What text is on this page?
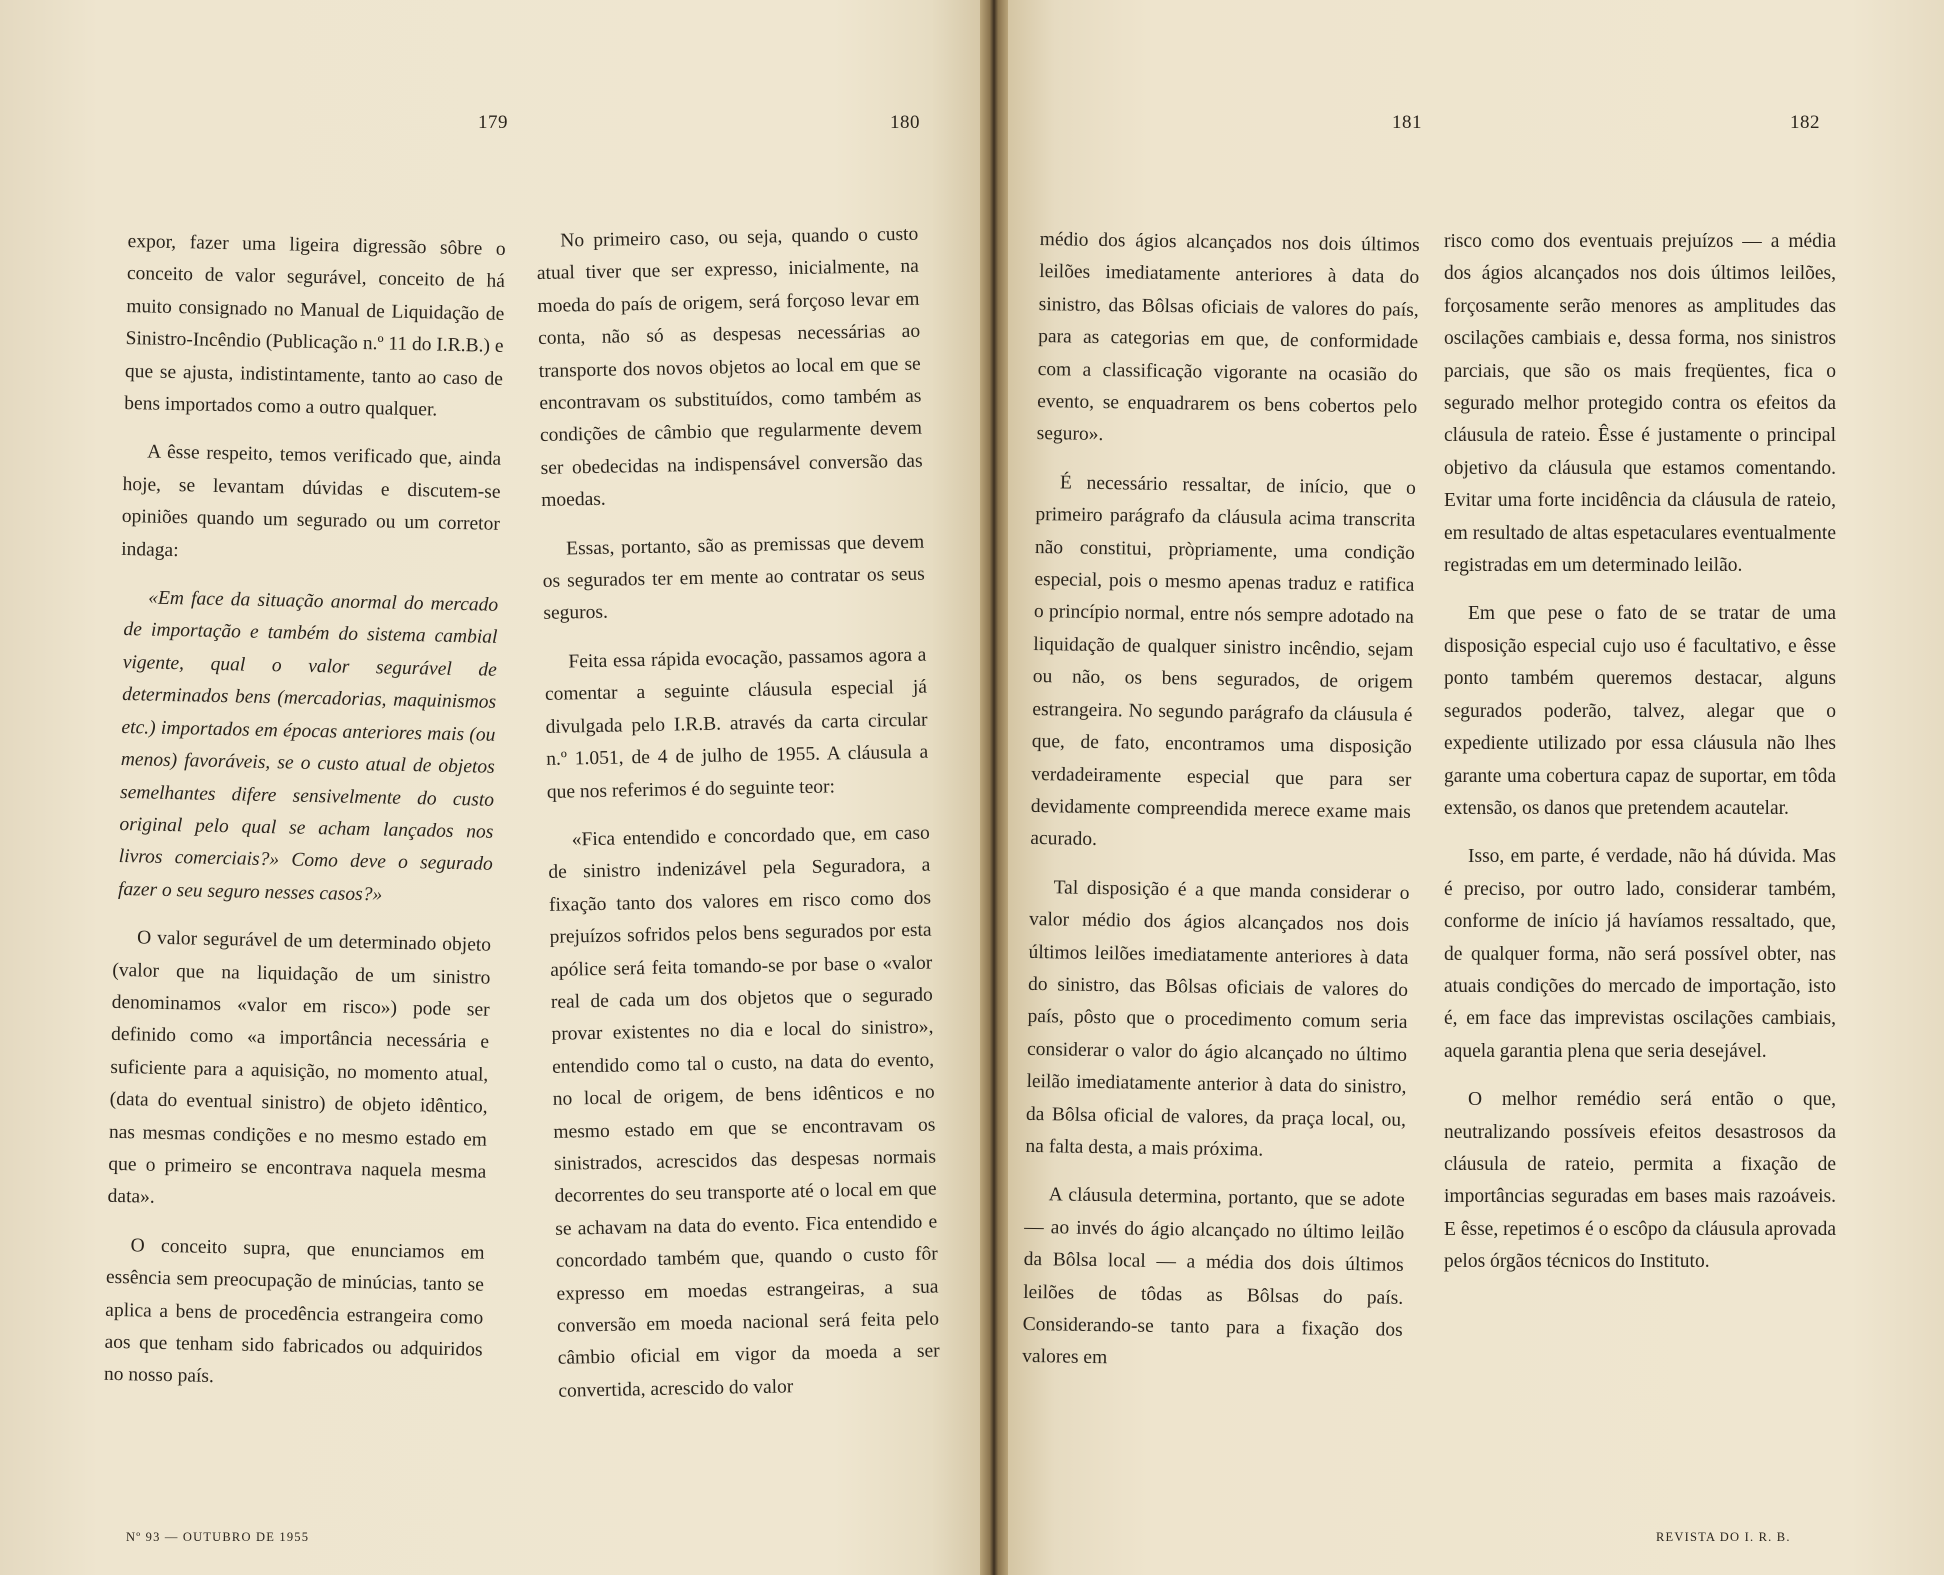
179	180

expor, fazer uma ligeira digressão sôbre o conceito de valor segurável, conceito de há muito consignado no Manual de Liquidação de Sinistro-Incêndio (Publicação n.º 11 do I.R.B.) e que se ajusta, indistintamente, tanto ao caso de bens importados como a outro qualquer.

A êsse respeito, temos verificado que, ainda hoje, se levantam dúvidas e discutem-se opiniões quando um segurado ou um corretor indaga:

«Em face da situação anormal do mercado de importação e também do sistema cambial vigente, qual o valor segurável de determinados bens (mercadorias, maquinismos etc.) importados em épocas anteriores mais (ou menos) favoráveis, se o custo atual de objetos semelhantes difere sensivelmente do custo original pelo qual se acham lançados nos livros comerciais?» Como deve o segurado fazer o seu seguro nesses casos?»

O valor segurável de um determinado objeto (valor que na liquidação de um sinistro denominamos «valor em risco») pode ser definido como «a importância necessária e suficiente para a aquisição, no momento atual, (data do eventual sinistro) de objeto idêntico, nas mesmas condições e no mesmo estado em que o primeiro se encontrava naquela mesma data».

O conceito supra, que enunciamos em essência sem preocupação de minúcias, tanto se aplica a bens de procedência estrangeira como aos que tenham sido fabricados ou adquiridos no nosso país.

No primeiro caso, ou seja, quando o custo atual tiver que ser expresso, inicialmente, na moeda do país de origem, será forçoso levar em conta, não só as despesas necessárias ao transporte dos novos objetos ao local em que se encontravam os substituídos, como também as condições de câmbio que regularmente devem ser obedecidas na indispensável conversão das moedas.

Essas, portanto, são as premissas que devem os segurados ter em mente ao contratar os seus seguros.

Feita essa rápida evocação, passamos agora a comentar a seguinte cláusula especial já divulgada pelo I.R.B. através da carta circular n.º 1.051, de 4 de julho de 1955. A cláusula a que nos referimos é do seguinte teor:

«Fica entendido e concordado que, em caso de sinistro indenizável pela Seguradora, a fixação tanto dos valores em risco como dos prejuízos sofridos pelos bens segurados por esta apólice será feita tomando-se por base o «valor real de cada um dos objetos que o segurado provar existentes no dia e local do sinistro», entendido como tal o custo, na data do evento, no local de origem, de bens idênticos e no mesmo estado em que se encontravam os sinistrados, acrescidos das despesas normais decorrentes do seu transporte até o local em que se achavam na data do evento. Fica entendido e concordado também que, quando o custo fôr expresso em moedas estrangeiras, a sua conversão em moeda nacional será feita pelo câmbio oficial em vigor da moeda a ser convertida, acrescido do valor

Nº 93 — OUTUBRO DE 1955
181	182

médio dos ágios alcançados nos dois últimos leilões imediatamente anteriores à data do sinistro, das Bôlsas oficiais de valores do país, para as categorias em que, de conformidade com a classificação vigorante na ocasião do evento, se enquadrarem os bens cobertos pelo seguro».

É necessário ressaltar, de início, que o primeiro parágrafo da cláusula acima transcrita não constitui, pròpriamente, uma condição especial, pois o mesmo apenas traduz e ratifica o princípio normal, entre nós sempre adotado na liquidação de qualquer sinistro incêndio, sejam ou não, os bens segurados, de origem estrangeira. No segundo parágrafo da cláusula é que, de fato, encontramos uma disposição verdadeiramente especial que para ser devidamente compreendida merece exame mais acurado.

Tal disposição é a que manda considerar o valor médio dos ágios alcançados nos dois últimos leilões imediatamente anteriores à data do sinistro, das Bôlsas oficiais de valores do país, pôsto que o procedimento comum seria considerar o valor do ágio alcançado no último leilão imediatamente anterior à data do sinistro, da Bôlsa oficial de valores, da praça local, ou, na falta desta, a mais próxima.

A cláusula determina, portanto, que se adote — ao invés do ágio alcançado no último leilão da Bôlsa local — a média dos dois últimos leilões de tôdas as Bôlsas do país. Considerando-se tanto para a fixação dos valores em

risco como dos eventuais prejuízos — a média dos ágios alcançados nos dois últimos leilões, forçosamente serão menores as amplitudes das oscilações cambiais e, dessa forma, nos sinistros parciais, que são os mais freqüentes, fica o segurado melhor protegido contra os efeitos da cláusula de rateio. Êsse é justamente o principal objetivo da cláusula que estamos comentando. Evitar uma forte incidência da cláusula de rateio, em resultado de altas espetaculares eventualmente registradas em um determinado leilão.

Em que pese o fato de se tratar de uma disposição especial cujo uso é facultativo, e êsse ponto também queremos destacar, alguns segurados poderão, talvez, alegar que o expediente utilizado por essa cláusula não lhes garante uma cobertura capaz de suportar, em tôda extensão, os danos que pretendem acautelar.

Isso, em parte, é verdade, não há dúvida. Mas é preciso, por outro lado, considerar também, conforme de início já havíamos ressaltado, que, de qualquer forma, não será possível obter, nas atuais condições do mercado de importação, isto é, em face das imprevistas oscilações cambiais, aquela garantia plena que seria desejável.

O melhor remédio será então o que, neutralizando possíveis efeitos desastrosos da cláusula de rateio, permita a fixação de importâncias seguradas em bases mais razoáveis. E êsse, repetimos é o escôpo da cláusula aprovada pelos órgãos técnicos do Instituto.

REVISTA DO I. R. B.
